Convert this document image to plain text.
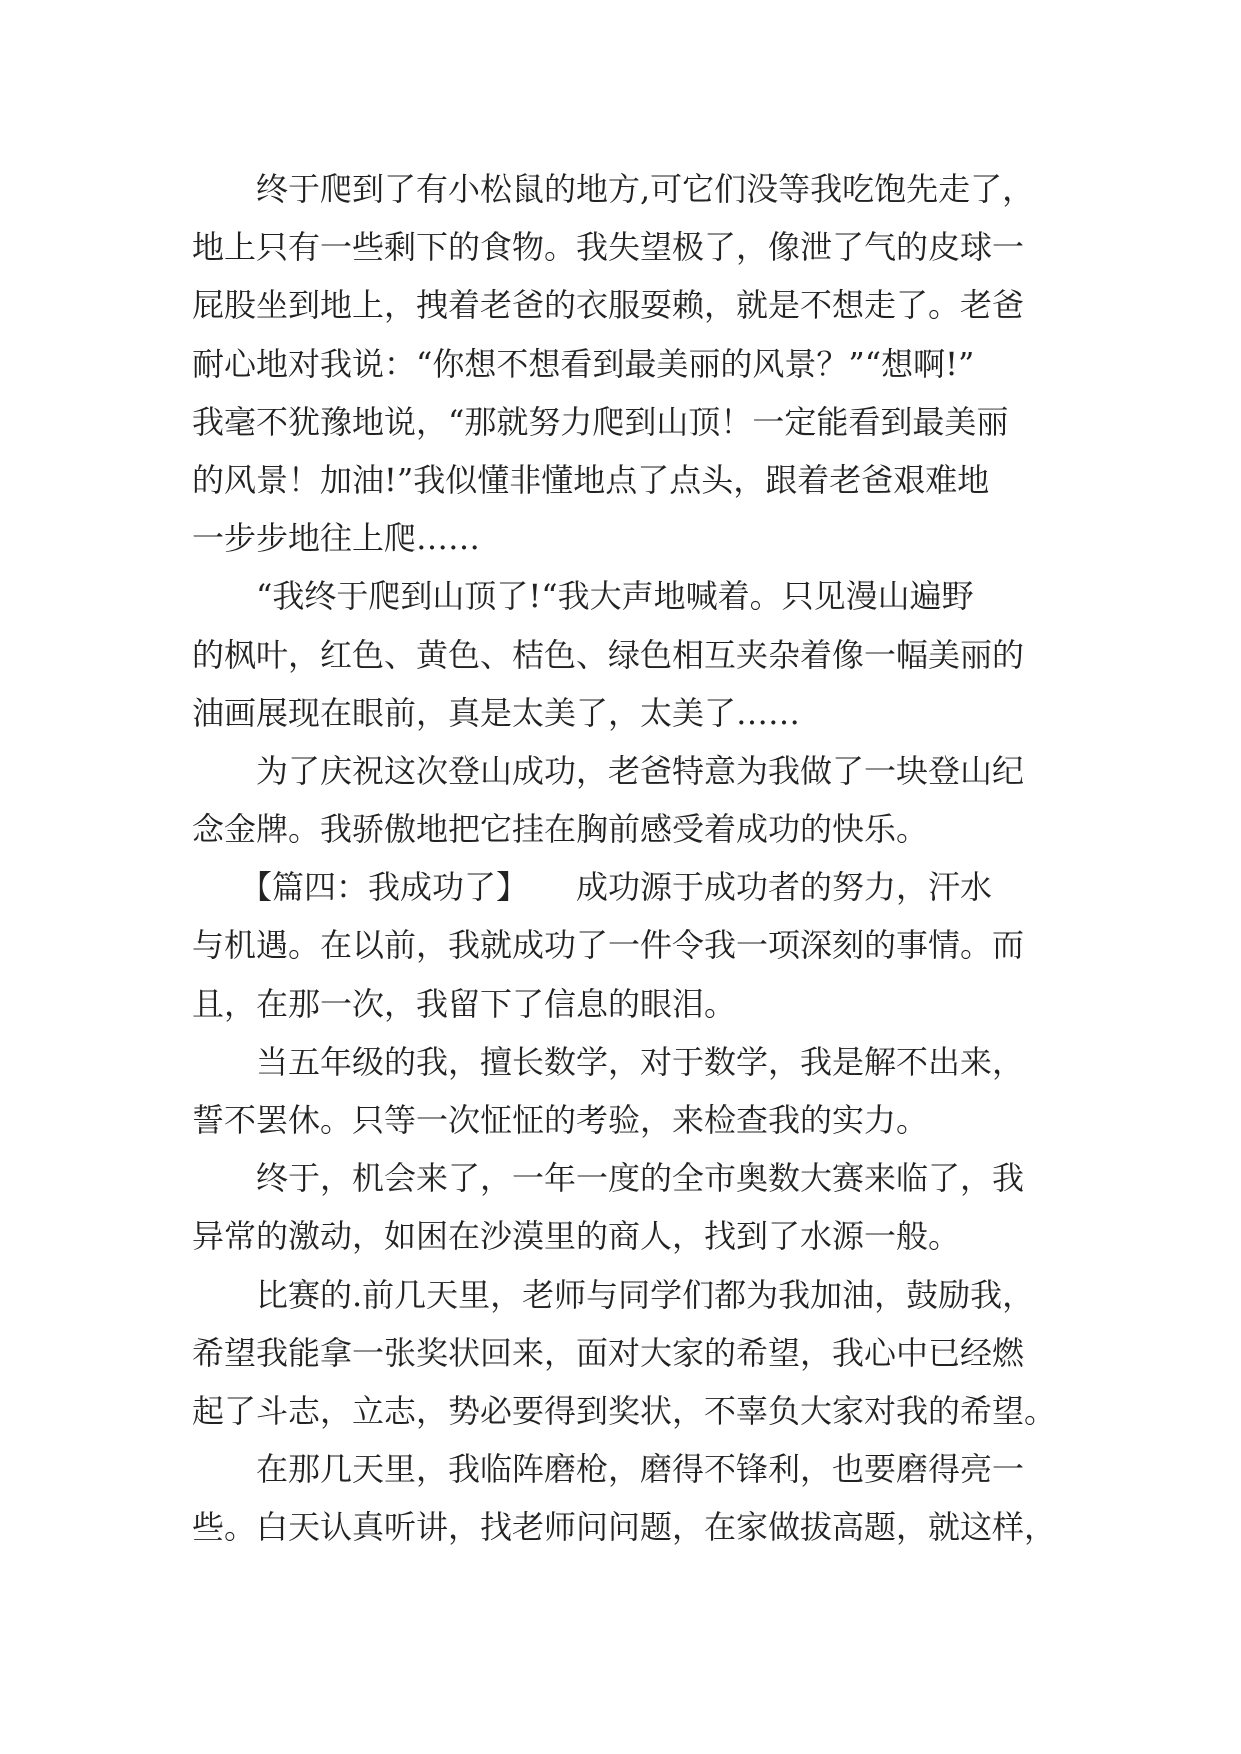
　　终于爬到了有小松鼠的地方,可它们没等我吃饱先走了，
地上只有一些剩下的食物。我失望极了，像泄了气的皮球一
屁股坐到地上，拽着老爸的衣服耍赖，就是不想走了。老爸
耐心地对我说：“你想不想看到最美丽的风景？”“想啊!”
我毫不犹豫地说，“那就努力爬到山顶！一定能看到最美丽
的风景！加油!”我似懂非懂地点了点头，跟着老爸艰难地
一步步地往上爬……
　　“我终于爬到山顶了!“我大声地喊着。只见漫山遍野
的枫叶，红色、黄色、桔色、绿色相互夹杂着像一幅美丽的
油画展现在眼前，真是太美了，太美了……
　　为了庆祝这次登山成功，老爸特意为我做了一块登山纪
念金牌。我骄傲地把它挂在胸前感受着成功的快乐。
　　【篇四：我成功了】　　成功源于成功者的努力，汗水
与机遇。在以前，我就成功了一件令我一项深刻的事情。而
且，在那一次，我留下了信息的眼泪。
　　当五年级的我，擅长数学，对于数学，我是解不出来，
誓不罢休。只等一次怔怔的考验，来检查我的实力。
　　终于，机会来了，一年一度的全市奥数大赛来临了，我
异常的激动，如困在沙漠里的商人，找到了水源一般。
　　比赛的.前几天里，老师与同学们都为我加油，鼓励我，
希望我能拿一张奖状回来，面对大家的希望，我心中已经燃
起了斗志，立志，势必要得到奖状，不辜负大家对我的希望。
　　在那几天里，我临阵磨枪，磨得不锋利，也要磨得亮一
些。白天认真听讲，找老师问问题，在家做拔高题，就这样，
